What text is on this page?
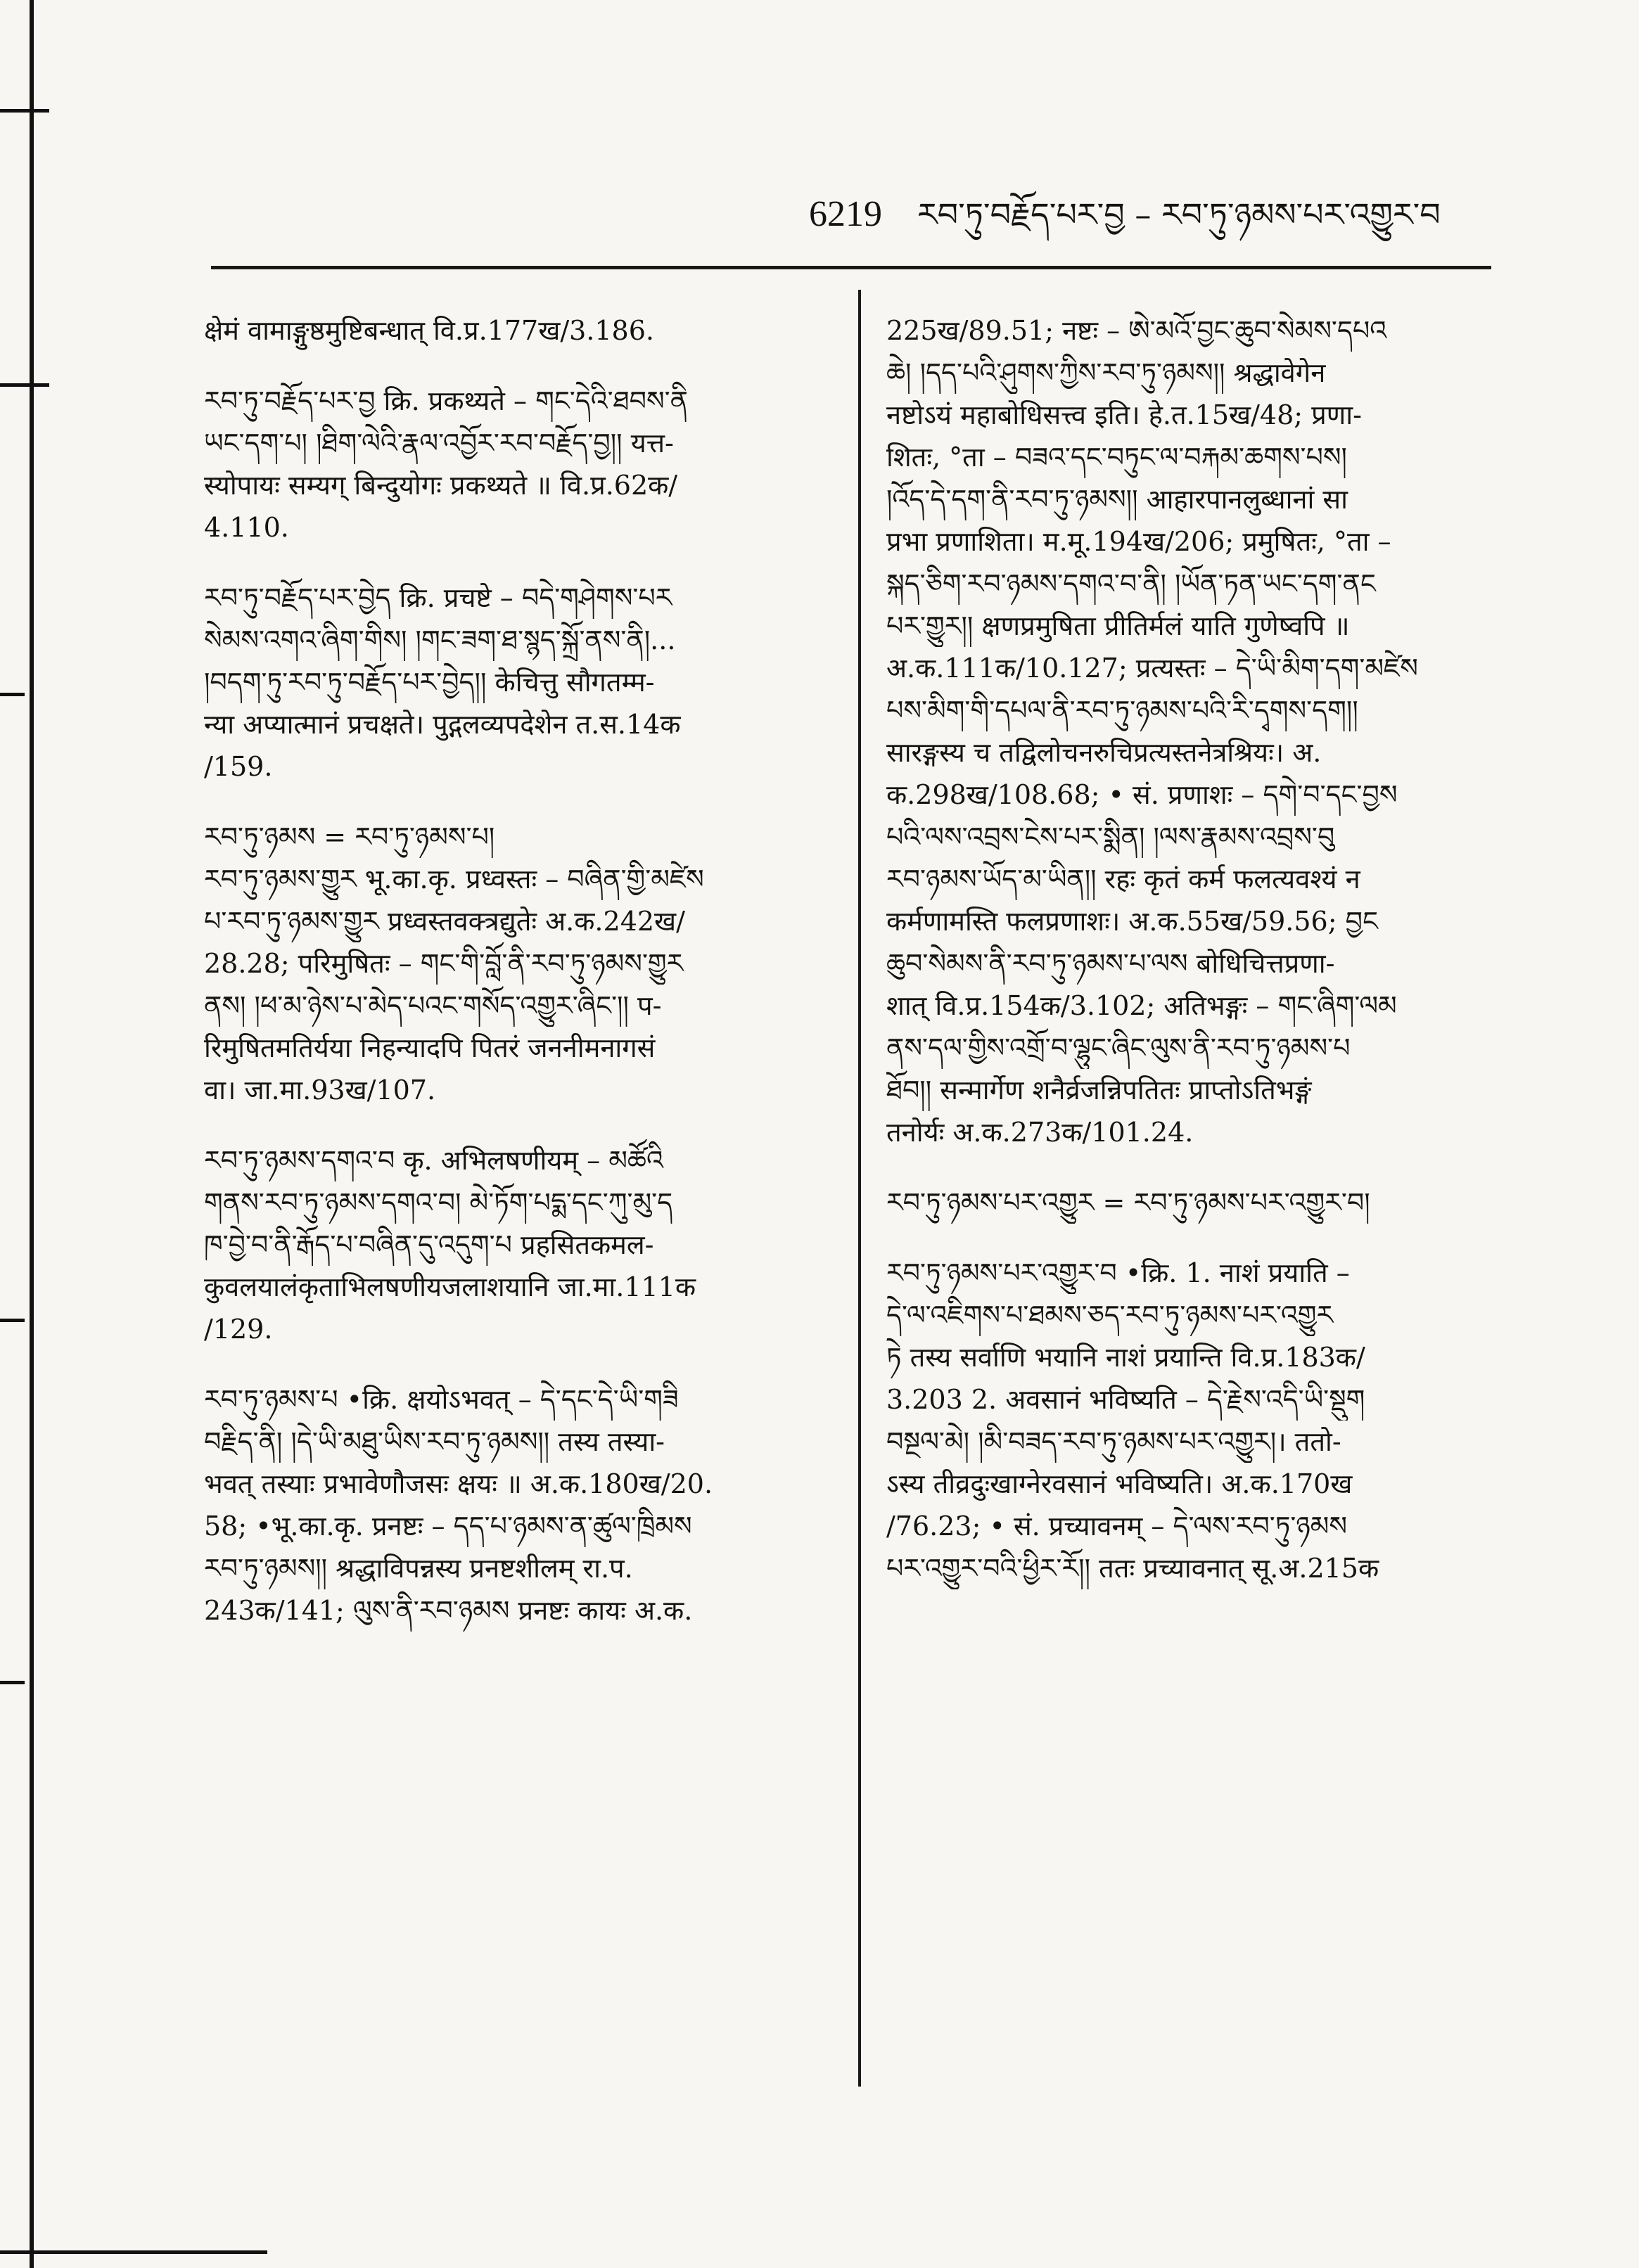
6219 རབ་ཏུ་བརྗོད་པར་བྱ – རབ་ཏུ་ཉམས་པར་འགྱུར་བ
क्षेमं वामाङ्गुष्ठमुष्टिबन्धात् वि.प्र.177ख/3.186.
རབ་ཏུ་བརྗོད་པར་བྱ क्रि. प्रकथ्यते – གང་དེའི་ཐབས་ནི
ཡང་དག་པ། །ཐིག་ལེའི་རྣལ་འབྱོར་རབ་བརྗོད་བྱ།། यत्त-
स्योपायः सम्यग् बिन्दुयोगः प्रकथ्यते ॥ वि.प्र.62क/
4.110.
རབ་ཏུ་བརྗོད་པར་བྱེད क्रि. प्रचष्टे – བདེ་གཤེགས་པར
སེམས་འགའ་ཞིག་གིས། །གང་ཟག་ཐ་སྙད་སྐྲོ་ནས་ནི།...
།བདག་ཏུ་རབ་ཏུ་བརྗོད་པར་བྱེད།། केचित्तु सौगतम्म-
न्या अप्यात्मानं प्रचक्षते। पुद्गलव्यपदेशेन त.स.14क
/159.
རབ་ཏུ་ཉམས = རབ་ཏུ་ཉམས་པ།
རབ་ཏུ་ཉམས་གྱུར भू.का.कृ. प्रध्वस्तः – བཞིན་གྱི་མཛེས
པ་རབ་ཏུ་ཉམས་གྱུར प्रध्वस्तवक्त्रद्युतेः अ.क.242ख/
28.28; परिमुषितः – གང་གི་བློ་ནི་རབ་ཏུ་ཉམས་གྱུར
ནས། །ཕ་མ་ཉེས་པ་མེད་པའང་གསོད་འགྱུར་ཞིང་།། प-
रिमुषितमतिर्यया निहन्यादपि पितरं जननीमनागसं
वा। जा.मा.93ख/107.
རབ་ཏུ་ཉམས་དགའ་བ कृ. अभिलषणीयम् – མཚོའི
གནས་རབ་ཏུ་ཉམས་དགའ་བ། མེ་ཏོག་པདྨ་དང་ཀུ་མུ་ད
ཁ་བྱེ་བ་ནི་རྒོད་པ་བཞིན་དུ་འདུག་པ प्रहसितकमल-
कुवलयालंकृताभिलषणीयजलाशयानि जा.मा.111क
/129.
རབ་ཏུ་ཉམས་པ •क्रि. क्षयोऽभवत् – དེ་དང་དེ་ཡི་གཟི
བརྗིད་ནི། །དེ་ཡི་མཐུ་ཡིས་རབ་ཏུ་ཉམས།། तस्य तस्या-
भवत् तस्याः प्रभावेणौजसः क्षयः ॥ अ.क.180ख/20.
58; •भू.का.कृ. प्रनष्टः – དད་པ་ཉམས་ན་ཚུལ་ཁྲིམས
རབ་ཏུ་ཉམས།། श्रद्धाविपन्नस्य प्रनष्टशीलम् रा.प.
243क/141; ལུས་ནི་རབ་ཉམས प्रनष्टः कायः अ.क.
225ख/89.51; नष्टः – ཨེ་མའོ་བྱང་ཆུབ་སེམས་དཔའ
ཆེ། །དད་པའི་ཤུགས་ཀྱིས་རབ་ཏུ་ཉམས།། श्रद्धावेगेन
नष्टोऽयं महाबोधिसत्त्व इति। हे.त.15ख/48; प्रणा-
शितः, °ता – བཟའ་དང་བཏུང་ལ་བརྐམ་ཆགས་པས།
།འོད་དེ་དག་ནི་རབ་ཏུ་ཉམས།། आहारपानलुब्धानां सा
प्रभा प्रणाशिता। म.मू.194ख/206; प्रमुषितः, °ता –
སྐད་ཅིག་རབ་ཉམས་དགའ་བ་ནི། །ཡོན་ཏན་ཡང་དག་ནང
པར་གྱུར།། क्षणप्रमुषिता प्रीतिर्मलं याति गुणेष्वपि ॥
अ.क.111क/10.127; प्रत्यस्तः – དེ་ཡི་མིག་དག་མཛེས
པས་མིག་གི་དཔལ་ནི་རབ་ཏུ་ཉམས་པའི་རི་དྭགས་དག།།
सारङ्गस्य च तद्विलोचनरुचिप्रत्यस्तनेत्रश्रियः। अ.
क.298ख/108.68; • सं. प्रणाशः – དགེ་བ་དང་བྱས
པའི་ལས་འབྲས་ངེས་པར་སྨིན། །ལས་རྣམས་འབྲས་བུ
རབ་ཉམས་ཡོད་མ་ཡིན།། रहः कृतं कर्म फलत्यवश्यं न
कर्मणामस्ति फलप्रणाशः। अ.क.55ख/59.56; བྱང
ཆུབ་སེམས་ནི་རབ་ཏུ་ཉམས་པ་ལས बोधिचित्तप्रणा-
शात् वि.प्र.154क/3.102; अतिभङ्गः – གང་ཞིག་ལམ
ནས་དལ་གྱིས་འགྲོ་བ་ལྷུང་ཞིང་ལུས་ནི་རབ་ཏུ་ཉམས་པ
ཐོབ།། सन्मार्गेण शनैर्व्रजन्निपतितः प्राप्तोऽतिभङ्गं
तनोर्यः अ.क.273क/101.24.
རབ་ཏུ་ཉམས་པར་འགྱུར = རབ་ཏུ་ཉམས་པར་འགྱུར་བ།
རབ་ཏུ་ཉམས་པར་འགྱུར་བ •क्रि. 1. नाशं प्रयाति –
དེ་ལ་འཇིགས་པ་ཐམས་ཅད་རབ་ཏུ་ཉམས་པར་འགྱུར
ཏེ तस्य सर्वाणि भयानि नाशं प्रयान्ति वि.प्र.183क/
3.203 2. अवसानं भविष्यति – དེ་རྗེས་འདི་ཡི་སྡུག
བསྔལ་མེ། །མི་བཟད་རབ་ཏུ་ཉམས་པར་འགྱུར།। ततो-
ऽस्य तीव्रदुःखाग्नेरवसानं भविष्यति। अ.क.170ख
/76.23; • सं. प्रच्यावनम् – དེ་ལས་རབ་ཏུ་ཉམས
པར་འགྱུར་བའི་ཕྱིར་རོ།། ततः प्रच्यावनात् सू.अ.215क
